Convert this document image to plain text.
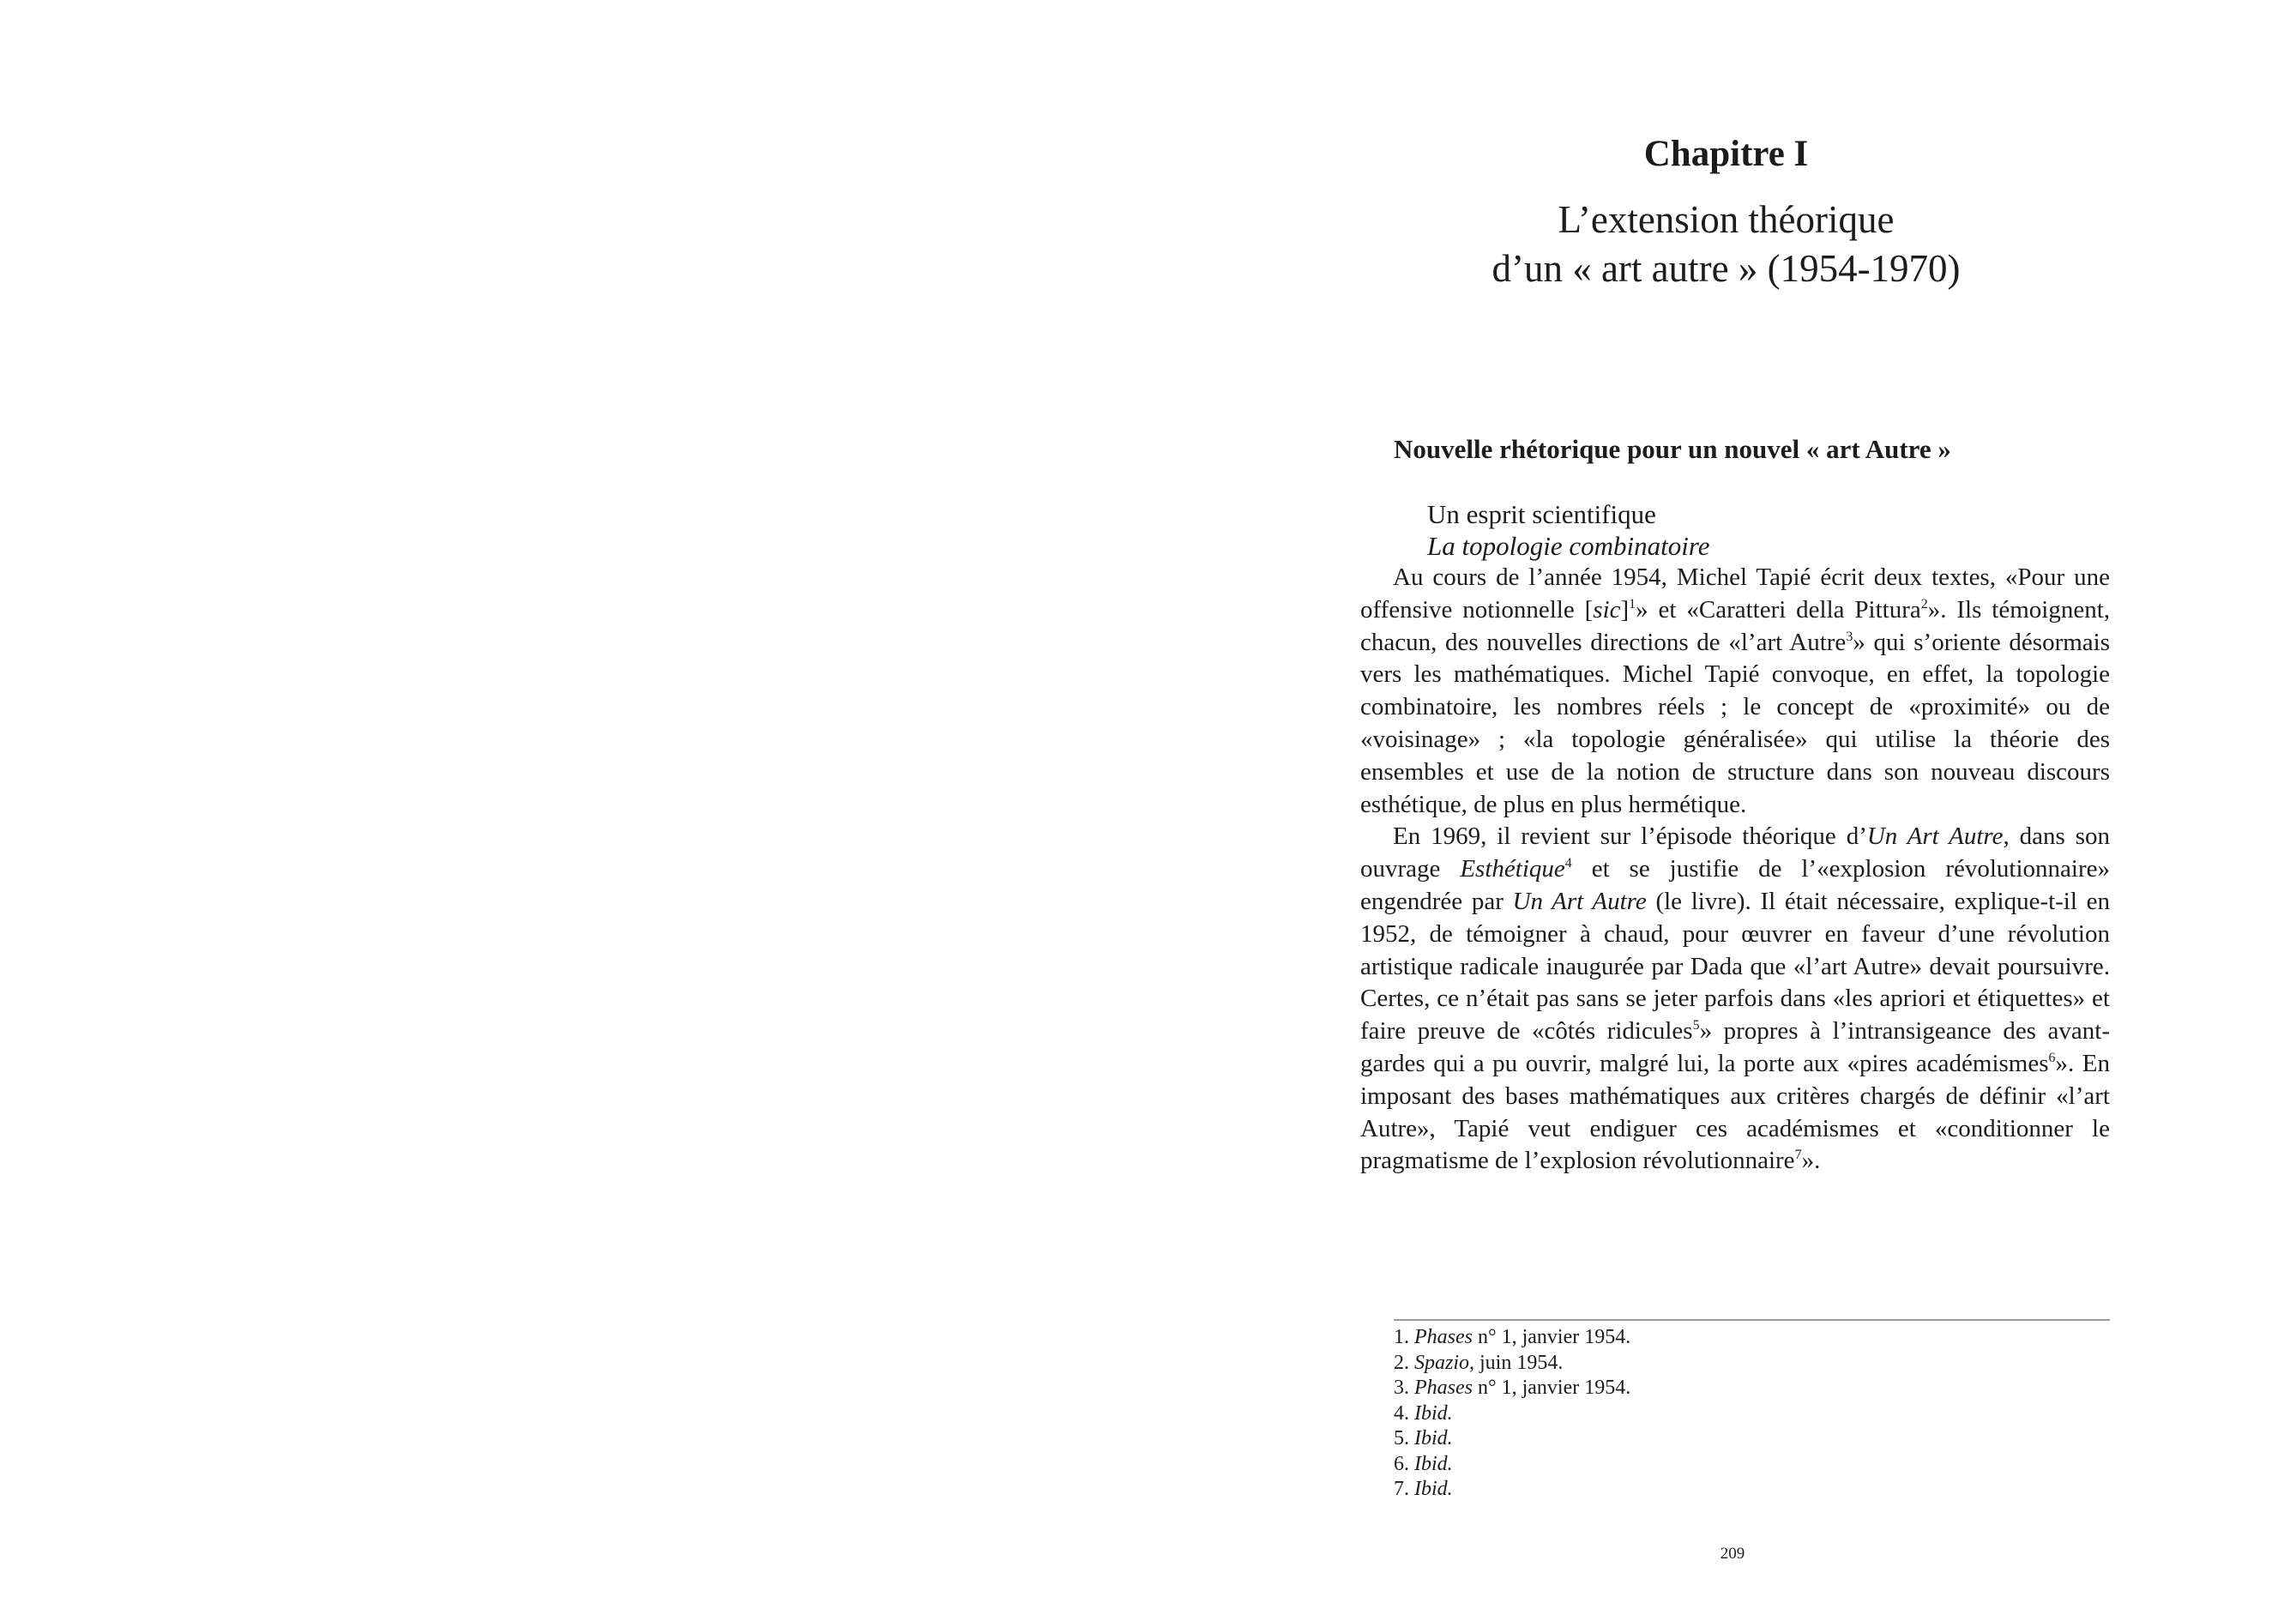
Chapitre I
L’extension théorique
d’un « art autre » (1954-1970)
Nouvelle rhétorique pour un nouvel « art Autre »
Un esprit scientifique
La topologie combinatoire

Au cours de l’année 1954, Michel Tapié écrit deux textes, «Pour une offensive notionnelle [sic]$^1$» et «Caratteri della Pittura$^2$». Ils témoignent, chacun, des nouvelles directions de «l’art Autre$^3$» qui s’oriente désormais vers les mathématiques. Michel Tapié convoque, en effet, la topologie combinatoire, les nombres réels ; le concept de «proximité» ou de «voisinage» ; «la topologie généralisée» qui utilise la théorie des ensembles et use de la notion de structure dans son nouveau discours esthétique, de plus en plus hermétique.

En 1969, il revient sur l’épisode théorique d’Un Art Autre, dans son ouvrage Esthétique$^4$ et se justifie de l’«explosion révolutionnaire» engendrée par Un Art Autre (le livre). Il était nécessaire, explique-t-il en 1952, de témoigner à chaud, pour œuvrer en faveur d’une révolution artistique radicale inaugurée par Dada que «l’art Autre» devait poursuivre. Certes, ce n’était pas sans se jeter parfois dans «les apriori et étiquettes» et faire preuve de «côtés ridicules$^5$» propres à l’intransigeance des avant-gardes qui a pu ouvrir, malgré lui, la porte aux «pires académismes$^6$». En imposant des bases mathématiques aux critères chargés de définir «l’art Autre», Tapié veut endiguer ces académismes et «conditionner le pragmatisme de l’explosion révolutionnaire$^7$».

1. Phases n° 1, janvier 1954.
2. Spazio, juin 1954.
3. Phases n° 1, janvier 1954.
4. Ibid.
5. Ibid.
6. Ibid.
7. Ibid.
209
